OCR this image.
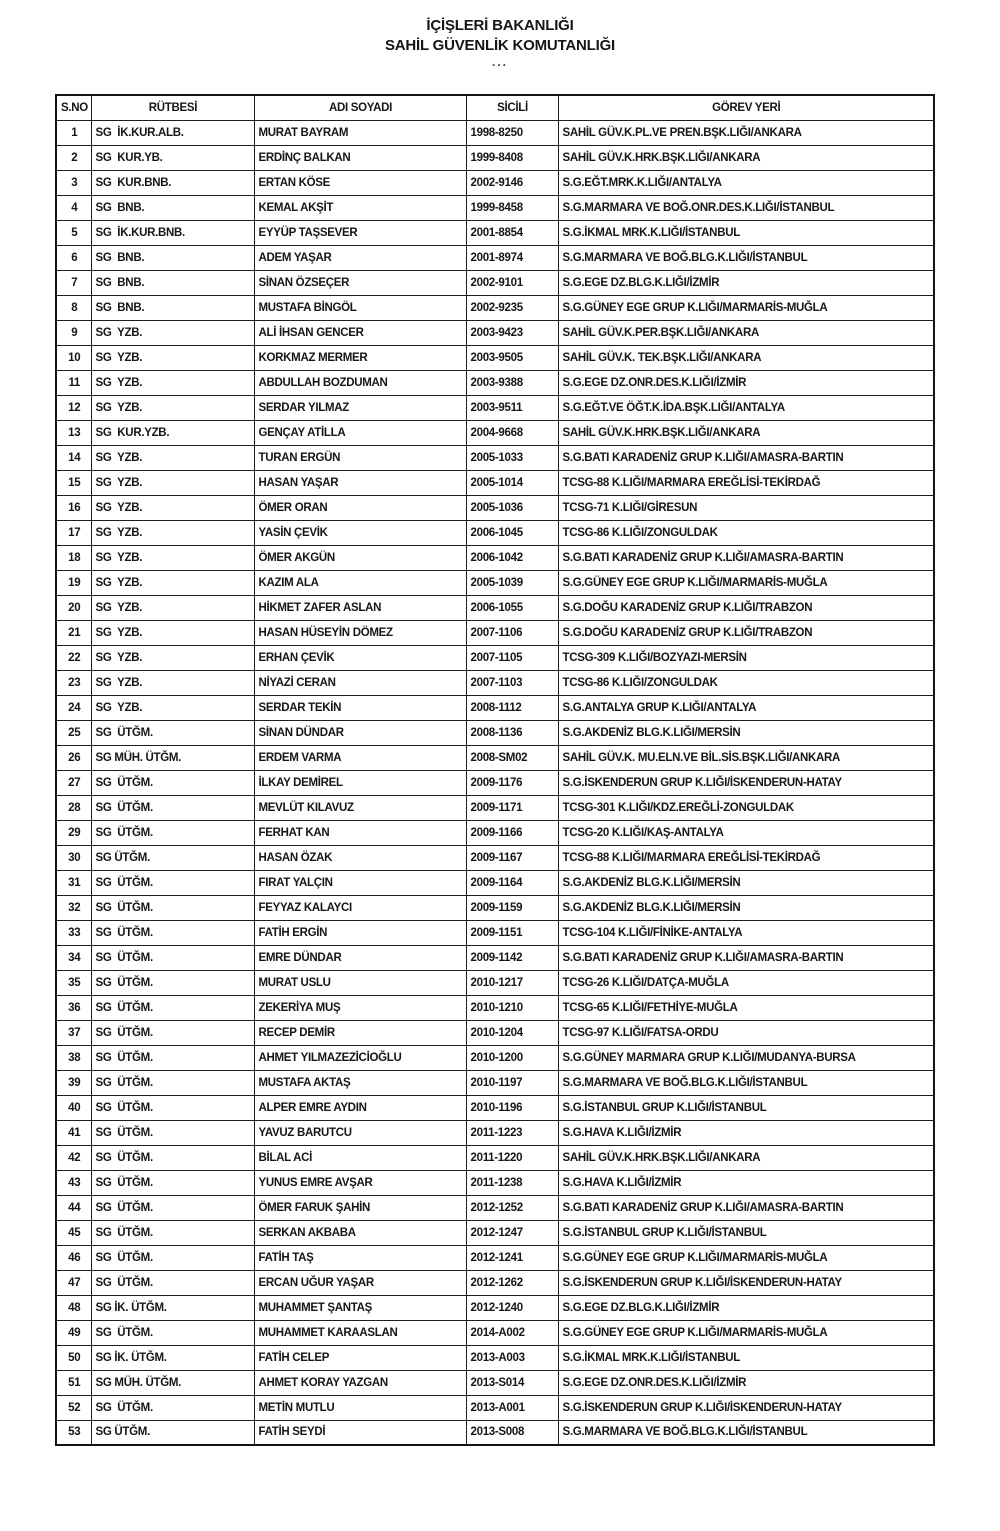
İÇİŞLERİ BAKANLIĞI
SAHİL GÜVENLİK KOMUTANLIĞI
...
S.NO	RÜTBESİ	ADI SOYADI	SİCİLİ	GÖREV YERİ
1	SG  İK.KUR.ALB.	MURAT BAYRAM	1998-8250	SAHİL GÜV.K.PL.VE PREN.BŞK.LIĞI/ANKARA
2	SG  KUR.YB.	ERDİNÇ BALKAN	1999-8408	SAHİL GÜV.K.HRK.BŞK.LIĞI/ANKARA
3	SG  KUR.BNB.	ERTAN KÖSE	2002-9146	S.G.EĞT.MRK.K.LIĞI/ANTALYA
4	SG  BNB.	KEMAL AKŞİT	1999-8458	S.G.MARMARA VE BOĞ.ONR.DES.K.LIĞI/İSTANBUL
5	SG  İK.KUR.BNB.	EYYÜP TAŞSEVER	2001-8854	S.G.İKMAL MRK.K.LIĞI/İSTANBUL
6	SG  BNB.	ADEM YAŞAR	2001-8974	S.G.MARMARA VE BOĞ.BLG.K.LIĞI/İSTANBUL
7	SG  BNB.	SİNAN ÖZSEÇER	2002-9101	S.G.EGE DZ.BLG.K.LIĞI/İZMİR
8	SG  BNB.	MUSTAFA BİNGÖL	2002-9235	S.G.GÜNEY EGE GRUP K.LIĞI/MARMARİS-MUĞLA
9	SG  YZB.	ALİ İHSAN GENCER	2003-9423	SAHİL GÜV.K.PER.BŞK.LIĞI/ANKARA
10	SG  YZB.	KORKMAZ MERMER	2003-9505	SAHİL GÜV.K. TEK.BŞK.LIĞI/ANKARA
11	SG  YZB.	ABDULLAH BOZDUMAN	2003-9388	S.G.EGE DZ.ONR.DES.K.LIĞI/İZMİR
12	SG  YZB.	SERDAR YILMAZ	2003-9511	S.G.EĞT.VE ÖĞT.K.İDA.BŞK.LIĞI/ANTALYA
13	SG  KUR.YZB.	GENÇAY ATİLLA	2004-9668	SAHİL GÜV.K.HRK.BŞK.LIĞI/ANKARA
14	SG  YZB.	TURAN ERGÜN	2005-1033	S.G.BATI KARADENİZ GRUP K.LIĞI/AMASRA-BARTIN
15	SG  YZB.	HASAN YAŞAR	2005-1014	TCSG-88 K.LIĞI/MARMARA EREĞLİSİ-TEKİRDAĞ
16	SG  YZB.	ÖMER ORAN	2005-1036	TCSG-71 K.LIĞI/GİRESUN
17	SG  YZB.	YASİN ÇEVİK	2006-1045	TCSG-86 K.LIĞI/ZONGULDAK
18	SG  YZB.	ÖMER AKGÜN	2006-1042	S.G.BATI KARADENİZ GRUP K.LIĞI/AMASRA-BARTIN
19	SG  YZB.	KAZIM ALA	2005-1039	S.G.GÜNEY EGE GRUP K.LIĞI/MARMARİS-MUĞLA
20	SG  YZB.	HİKMET ZAFER ASLAN	2006-1055	S.G.DOĞU KARADENİZ GRUP K.LIĞI/TRABZON
21	SG  YZB.	HASAN HÜSEYİN DÖMEZ	2007-1106	S.G.DOĞU KARADENİZ GRUP K.LIĞI/TRABZON
22	SG  YZB.	ERHAN ÇEVİK	2007-1105	TCSG-309 K.LIĞI/BOZYAZI-MERSİN
23	SG  YZB.	NİYAZİ CERAN	2007-1103	TCSG-86 K.LIĞI/ZONGULDAK
24	SG  YZB.	SERDAR TEKİN	2008-1112	S.G.ANTALYA GRUP K.LIĞI/ANTALYA
25	SG  ÜTĞM.	SİNAN DÜNDAR	2008-1136	S.G.AKDENİZ BLG.K.LIĞI/MERSİN
26	SG MÜH. ÜTĞM.	ERDEM VARMA	2008-SM02	SAHİL GÜV.K. MU.ELN.VE BİL.SİS.BŞK.LIĞI/ANKARA
27	SG  ÜTĞM.	İLKAY DEMİREL	2009-1176	S.G.İSKENDERUN GRUP K.LIĞI/İSKENDERUN-HATAY
28	SG  ÜTĞM.	MEVLÜT KILAVUZ	2009-1171	TCSG-301 K.LIĞI/KDZ.EREĞLİ-ZONGULDAK
29	SG  ÜTĞM.	FERHAT KAN	2009-1166	TCSG-20 K.LIĞI/KAŞ-ANTALYA
30	SG ÜTĞM.	HASAN ÖZAK	2009-1167	TCSG-88 K.LIĞI/MARMARA EREĞLİSİ-TEKİRDAĞ
31	SG  ÜTĞM.	FIRAT YALÇIN	2009-1164	S.G.AKDENİZ BLG.K.LIĞI/MERSİN
32	SG  ÜTĞM.	FEYYAZ KALAYCI	2009-1159	S.G.AKDENİZ BLG.K.LIĞI/MERSİN
33	SG  ÜTĞM.	FATİH ERGİN	2009-1151	TCSG-104 K.LIĞI/FİNİKE-ANTALYA
34	SG  ÜTĞM.	EMRE DÜNDAR	2009-1142	S.G.BATI KARADENİZ GRUP K.LIĞI/AMASRA-BARTIN
35	SG  ÜTĞM.	MURAT USLU	2010-1217	TCSG-26 K.LIĞI/DATÇA-MUĞLA
36	SG  ÜTĞM.	ZEKERİYA MUŞ	2010-1210	TCSG-65 K.LIĞI/FETHİYE-MUĞLA
37	SG  ÜTĞM.	RECEP DEMİR	2010-1204	TCSG-97 K.LIĞI/FATSA-ORDU
38	SG  ÜTĞM.	AHMET YILMAZEZİCİOĞLU	2010-1200	S.G.GÜNEY MARMARA GRUP K.LIĞI/MUDANYA-BURSA
39	SG  ÜTĞM.	MUSTAFA AKTAŞ	2010-1197	S.G.MARMARA VE BOĞ.BLG.K.LIĞI/İSTANBUL
40	SG  ÜTĞM.	ALPER EMRE AYDIN	2010-1196	S.G.İSTANBUL GRUP K.LIĞI/İSTANBUL
41	SG  ÜTĞM.	YAVUZ BARUTCU	2011-1223	S.G.HAVA K.LIĞI/İZMİR
42	SG  ÜTĞM.	BİLAL ACİ	2011-1220	SAHİL GÜV.K.HRK.BŞK.LIĞI/ANKARA
43	SG  ÜTĞM.	YUNUS EMRE AVŞAR	2011-1238	S.G.HAVA K.LIĞI/İZMİR
44	SG  ÜTĞM.	ÖMER FARUK ŞAHİN	2012-1252	S.G.BATI KARADENİZ GRUP K.LIĞI/AMASRA-BARTIN
45	SG  ÜTĞM.	SERKAN AKBABA	2012-1247	S.G.İSTANBUL GRUP K.LIĞI/İSTANBUL
46	SG  ÜTĞM.	FATİH TAŞ	2012-1241	S.G.GÜNEY EGE GRUP K.LIĞI/MARMARİS-MUĞLA
47	SG  ÜTĞM.	ERCAN UĞUR YAŞAR	2012-1262	S.G.İSKENDERUN GRUP K.LIĞI/İSKENDERUN-HATAY
48	SG İK. ÜTĞM.	MUHAMMET ŞANTAŞ	2012-1240	S.G.EGE DZ.BLG.K.LIĞI/İZMİR
49	SG  ÜTĞM.	MUHAMMET KARAASLAN	2014-A002	S.G.GÜNEY EGE GRUP K.LIĞI/MARMARİS-MUĞLA
50	SG İK. ÜTĞM.	FATİH CELEP	2013-A003	S.G.İKMAL MRK.K.LIĞI/İSTANBUL
51	SG MÜH. ÜTĞM.	AHMET KORAY YAZGAN	2013-S014	S.G.EGE DZ.ONR.DES.K.LIĞI/İZMİR
52	SG  ÜTĞM.	METİN MUTLU	2013-A001	S.G.İSKENDERUN GRUP K.LIĞI/İSKENDERUN-HATAY
53	SG ÜTĞM.	FATİH SEYDİ	2013-S008	S.G.MARMARA VE BOĞ.BLG.K.LIĞI/İSTANBUL
